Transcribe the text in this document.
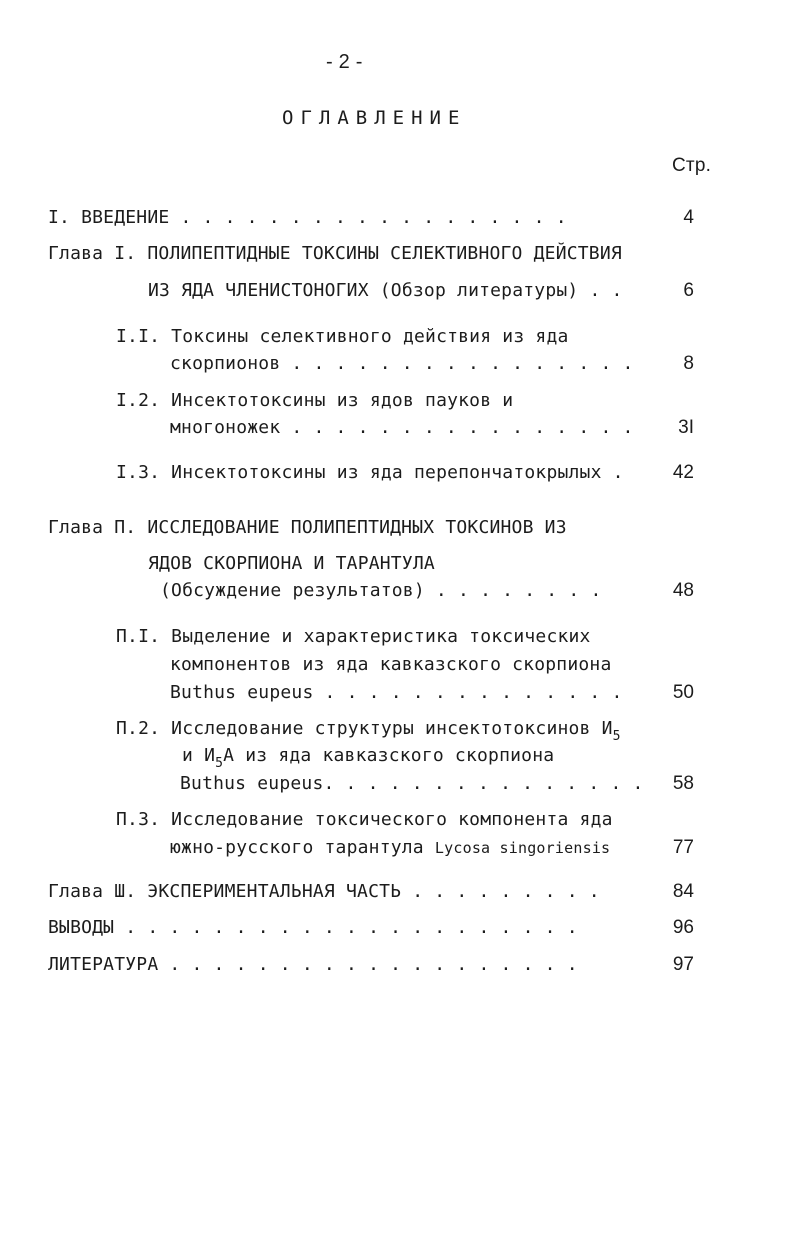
- 2 -
ОГЛАВЛЕНИЕ
Стр.
I. ВВЕДЕНИЕ . . . . . . . . . . . . . . . . . .	4
Глава I. ПОЛИПЕПТИДНЫЕ ТОКСИНЫ СЕЛЕКТИВНОГО ДЕЙСТВИЯ
ИЗ ЯДА ЧЛЕНИСТОНОГИХ (Обзор литературы) . .	6
I.I. Токсины селективного действия из яда
скорпионов . . . . . . . . . . . . . . . .	8
I.2. Инсектотоксины из ядов пауков и
многоножек . . . . . . . . . . . . . . . . 3I
I.3. Инсектотоксины из яда перепончатокрылых .	42
Глава П. ИССЛЕДОВАНИЕ ПОЛИПЕПТИДНЫХ ТОКСИНОВ ИЗ
ЯДОВ СКОРПИОНА И ТАРАНТУЛА
(Обсуждение результатов) . . . . . . . .	48
П.I. Выделение и характеристика токсических
компонентов из яда кавказского скорпиона
Buthus eupeus . . . . . . . . . . . . . .	50
П.2. Исследование структуры инсектотоксинов $И_5$
и $И_5А$ из яда кавказского скорпиона
Buthus eupeus. . . . . . . . . . . . . . . 58
П.3. Исследование токсического компонента яда
южно-русского тарантула Lycosa singoriensis	77
Глава Ш. ЭКСПЕРИМЕНТАЛЬНАЯ ЧАСТЬ . . . . . . . . .	84
ВЫВОДЫ . . . . . . . . . . . . . . . . . . . . .	96
ЛИТЕРАТУРА . . . . . . . . . . . . . . . . . . .	97
